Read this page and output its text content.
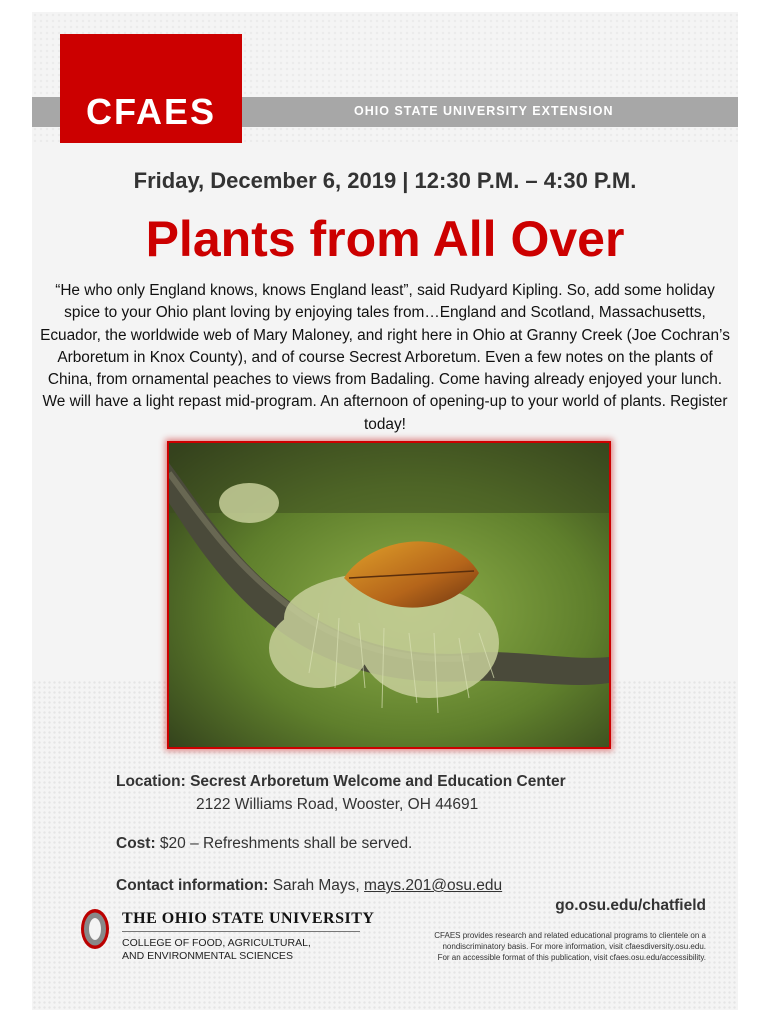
OHIO STATE UNIVERSITY EXTENSION
CFAES
Friday, December 6, 2019 | 12:30 P.M. – 4:30 P.M.
Plants from All Over
“He who only England knows, knows England least”, said Rudyard Kipling. So, add some holiday spice to your Ohio plant loving by enjoying tales from…England and Scotland, Massachusetts, Ecuador, the worldwide web of Mary Maloney, and right here in Ohio at Granny Creek (Joe Cochran’s Arboretum in Knox County), and of course Secrest Arboretum. Even a few notes on the plants of China, from ornamental peaches to views from Badaling. Come having already enjoyed your lunch. We will have a light repast mid-program. An afternoon of opening-up to your world of plants. Register today!
Location: Secrest Arboretum Welcome and Education Center
2122 Williams Road, Wooster, OH 44691
Cost: $20 – Refreshments shall be served.
Contact information: Sarah Mays, mays.201@osu.edu
go.osu.edu/chatfield
THE OHIO STATE UNIVERSITY
COLLEGE OF FOOD, AGRICULTURAL,
AND ENVIRONMENTAL SCIENCES
CFAES provides research and related educational programs to clientele on a
nondiscriminatory basis. For more information, visit cfaesdiversity.osu.edu.
For an accessible format of this publication, visit cfaes.osu.edu/accessibility.
